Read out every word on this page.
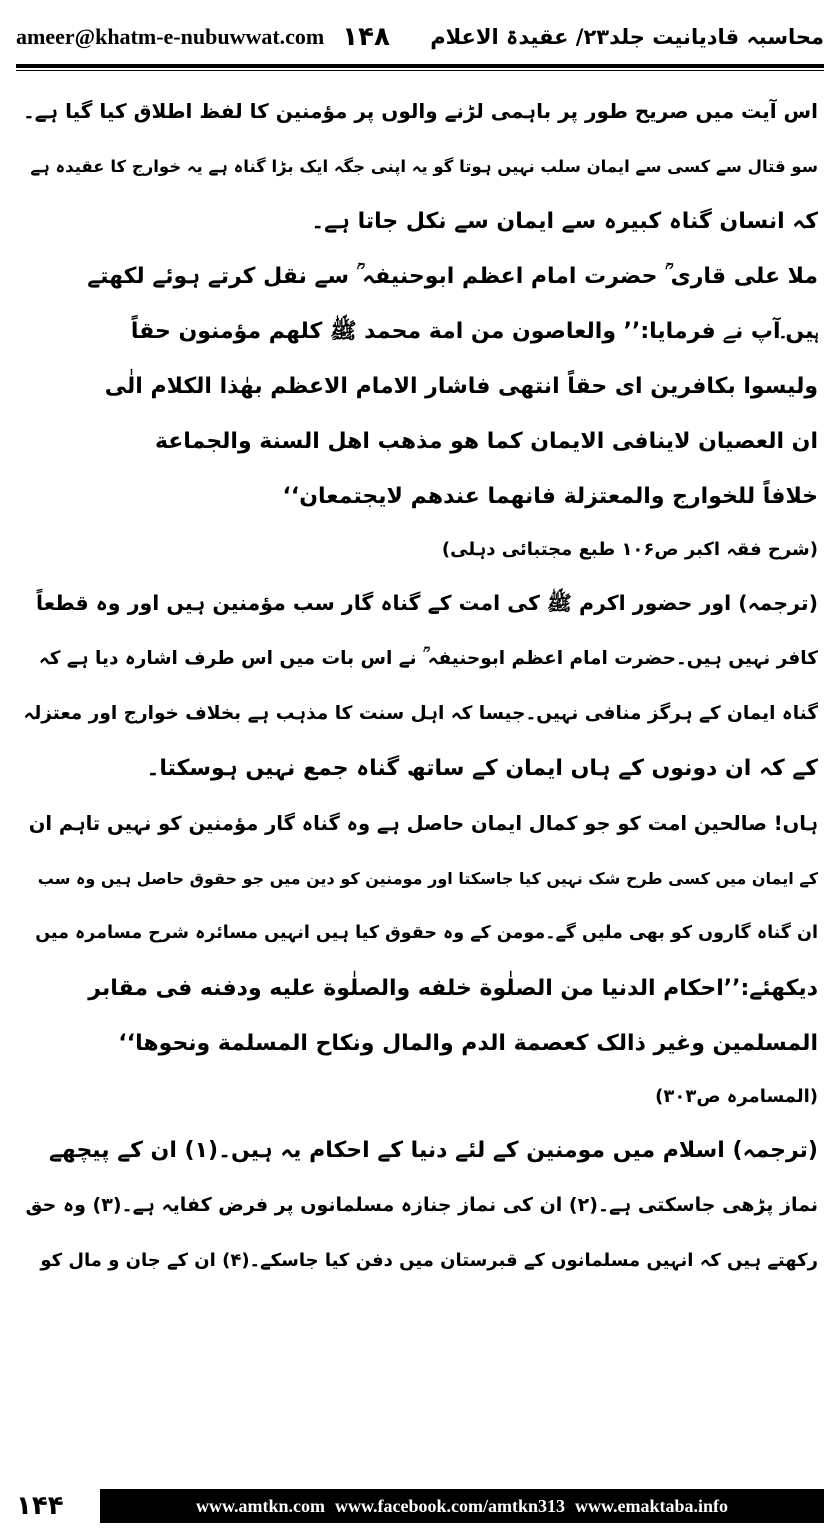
ameer@khatm-e-nubuwwat.com ۱۴۸ محاسبہ قادیانیت جلد۲۳/ عقیدۃ الاعلام
اس آیت میں صریح طور پر باہمی لڑنے والوں پر مؤمنین کا لفظ اطلاق کیا گیا ہے۔
سو قتال سے کسی سے ایمان سلب نہیں ہوتا گو یہ اپنی جگہ ایک بڑا گناہ ہے یہ خوارج کا عقیدہ ہے
کہ انسان گناہ کبیرہ سے ایمان سے نکل جاتا ہے۔
ملا علی قاری ؒ حضرت امام اعظم ابوحنیفہ ؒ سے نقل کرتے ہوئے لکھتے
ہیں۔آپ نے فرمایا:’’ والعاصون من امة محمد ﷺ كلهم مؤمنون حقاً
وليسوا بكافرين اى حقاً انتهى فاشار الامام الاعظم بهٰذا الكلام الٰى
ان العصيان لاينافى الايمان كما هو مذهب اهل السنة والجماعة
خلافاً للخوارج والمعتزلة فانهما عندهم لايجتمعان‘‘
(شرح فقہ اکبر ص۱۰۶ طبع مجتبائی دہلی)
(ترجمہ) اور حضور اکرم ﷺ کی امت کے گناہ گار سب مؤمنین ہیں اور وہ قطعاً
کافر نہیں ہیں۔حضرت امام اعظم ابوحنیفہ ؒ نے اس بات میں اس طرف اشارہ دیا ہے کہ
گناہ ایمان کے ہرگز منافی نہیں۔جیسا کہ اہل سنت کا مذہب ہے بخلاف خوارج اور معتزلہ
کے کہ ان دونوں کے ہاں ایمان کے ساتھ گناہ جمع نہیں ہوسکتا۔
ہاں! صالحین امت کو جو کمال ایمان حاصل ہے وہ گناہ گار مؤمنین کو نہیں تاہم ان
کے ایمان میں کسی طرح شک نہیں کیا جاسکتا اور مومنین کو دین میں جو حقوق حاصل ہیں وہ سب
ان گناہ گاروں کو بھی ملیں گے۔مومن کے وہ حقوق کیا ہیں انہیں مسائرہ شرح مسامرہ میں
دیکھئے:’’احكام الدنيا من الصلٰوة خلفه والصلٰوة عليه ودفنه فى مقابر
المسلمين وغير ذالک كعصمة الدم والمال ونكاح المسلمة ونحوها‘‘
(المسامرہ ص۳۰۳)
(ترجمہ) اسلام میں مومنین کے لئے دنیا کے احکام یہ ہیں۔(۱) ان کے پیچھے
نماز پڑھی جاسکتی ہے۔(۲) ان کی نماز جنازہ مسلمانوں پر فرض کفایہ ہے۔(۳) وہ حق
رکھتے ہیں کہ انہیں مسلمانوں کے قبرستان میں دفن کیا جاسکے۔(۴) ان کے جان و مال کو
۱۴۴	www.amtkn.com www.facebook.com/amtkn313 www.emaktaba.info
